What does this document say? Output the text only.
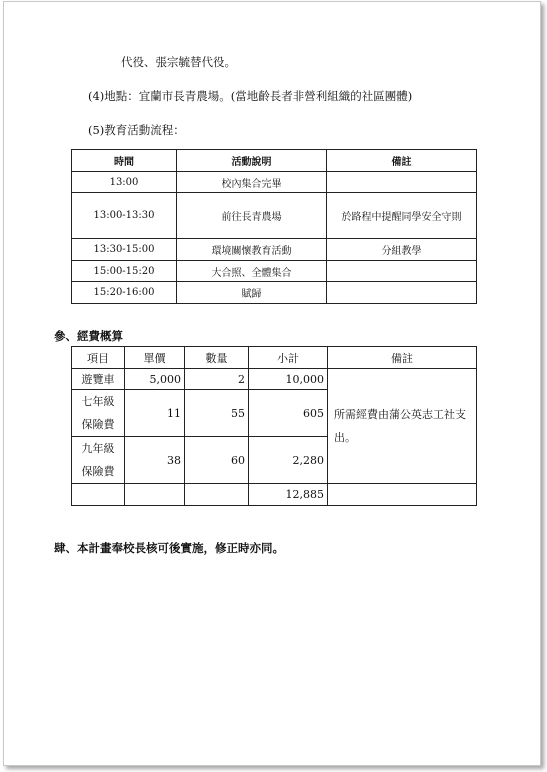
代役、張宗毓替代役。
(4)地點：宜蘭市長青農場。(當地齡長者非營利組織的社區團體)
(5)教育活動流程：
時間	活動說明	備註
13:00	校內集合完畢	
13:00-13:30	前往長青農場	於路程中提醒同學安全守則
13:30-15:00	環境關懷教育活動	分組教學
15:00-15:20	大合照、全體集合	
15:20-16:00	賦歸	
參、經費概算
項目	單價	數量	小計	備註
遊覽車	5,000	2	10,000	所需經費由蒲公英志工社支出。
七年級
保險費	11	55	605	
九年級
保險費	38	60	2,280	
			12,885	
肆、本計畫奉校長核可後實施，修正時亦同。
